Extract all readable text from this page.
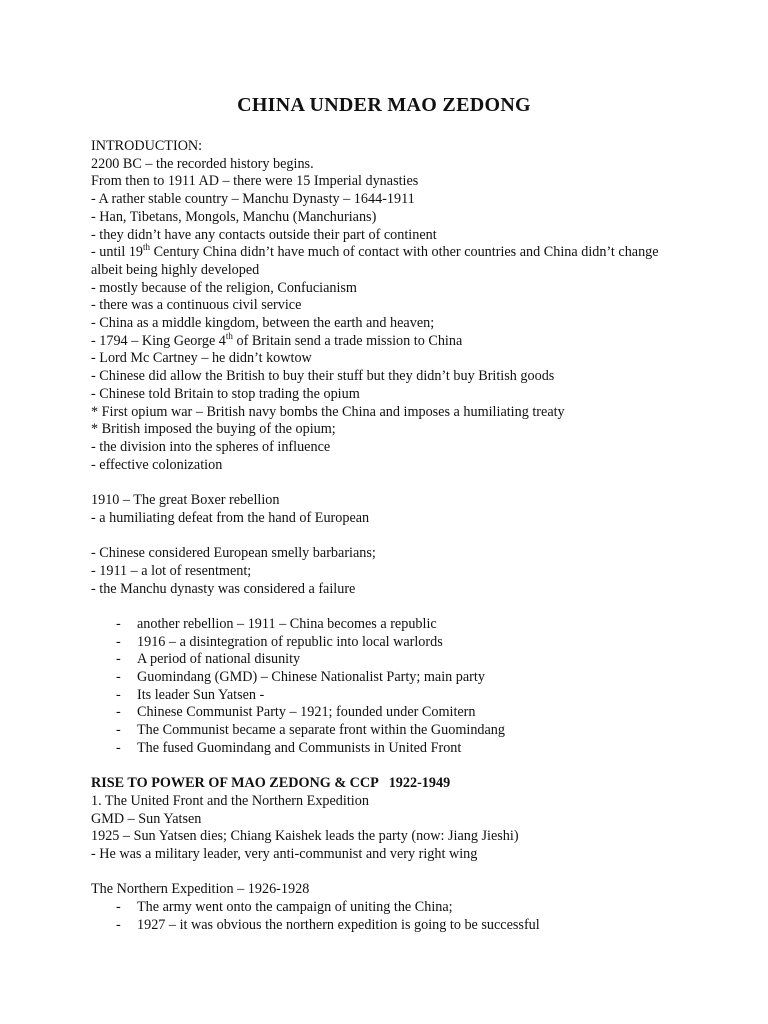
CHINA UNDER MAO ZEDONG
INTRODUCTION:
2200 BC – the recorded history begins.
From then to 1911 AD – there were 15 Imperial dynasties
- A rather stable country – Manchu Dynasty – 1644-1911
- Han, Tibetans, Mongols, Manchu (Manchurians)
- they didn’t have any contacts outside their part of continent
- until 19th Century China didn’t have much of contact with other countries and China didn’t change albeit being highly developed
- mostly because of the religion, Confucianism
- there was a continuous civil service
- China as a middle kingdom, between the earth and heaven;
- 1794 – King George 4th of Britain send a trade mission to China
- Lord Mc Cartney – he didn’t kowtow
- Chinese did allow the British to buy their stuff but they didn’t buy British goods
- Chinese told Britain to stop trading the opium
* First opium war – British navy bombs the China and imposes a humiliating treaty
* British imposed the buying of the opium;
- the division into the spheres of influence
- effective colonization
1910 – The great Boxer rebellion
- a humiliating defeat from the hand of European
- Chinese considered European smelly barbarians;
- 1911 – a lot of resentment;
- the Manchu dynasty was considered a failure
-	another rebellion – 1911 – China becomes a republic
-	1916 – a disintegration of republic into local warlords
-	A period of national disunity
-	Guomindang (GMD) – Chinese Nationalist Party; main party
-	Its leader Sun Yatsen -
-	Chinese Communist Party – 1921; founded under Comitern
-	The Communist became a separate front within the Guomindang
-	The fused Guomindang and Communists in United Front
RISE TO POWER OF MAO ZEDONG & CCP   1922-1949
1. The United Front and the Northern Expedition
GMD – Sun Yatsen
1925 – Sun Yatsen dies; Chiang Kaishek leads the party (now: Jiang Jieshi)
- He was a military leader, very anti-communist and very right wing
The Northern Expedition – 1926-1928
-	The army went onto the campaign of uniting the China;
-	1927 – it was obvious the northern expedition is going to be successful
